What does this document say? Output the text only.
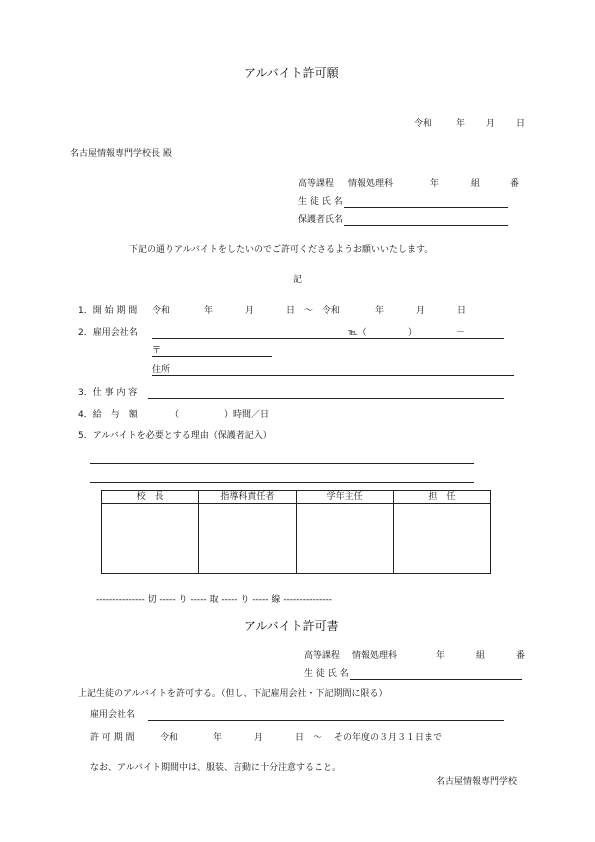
アルバイト許可願
令和	年 月 日
名古屋情報専門学校長 殿
高等課程 情報処理科	年	組	番
生 徒 氏 名
保護者氏名
下記の通りアルバイトをしたいのでご許可くださるようお願いいたします。
記
1．開 始 期 間 令和	年	月	日 ～ 令和	年	月	日
2．雇用会社名	℡（	）	－
〒
住所
3．仕 事 内 容
4．給　与　額	（	）時間／日
5．アルバイトを必要とする理由（保護者記入）
校　長	指導科責任者	学年主任	担　任

--------------- 切 ----- り ----- 取 ----- り ----- 線 ---------------
アルバイト許可書
高等課程 情報処理科	年	組	番
生 徒 氏 名
上記生徒のアルバイトを許可する。（但し、下記雇用会社・下記期間に限る）
雇用会社名
許 可 期 間	令和	年	月	日 ～ その年度の３月３１日まで
なお、アルバイト期間中は、服装、言動に十分注意すること。
名古屋情報専門学校
